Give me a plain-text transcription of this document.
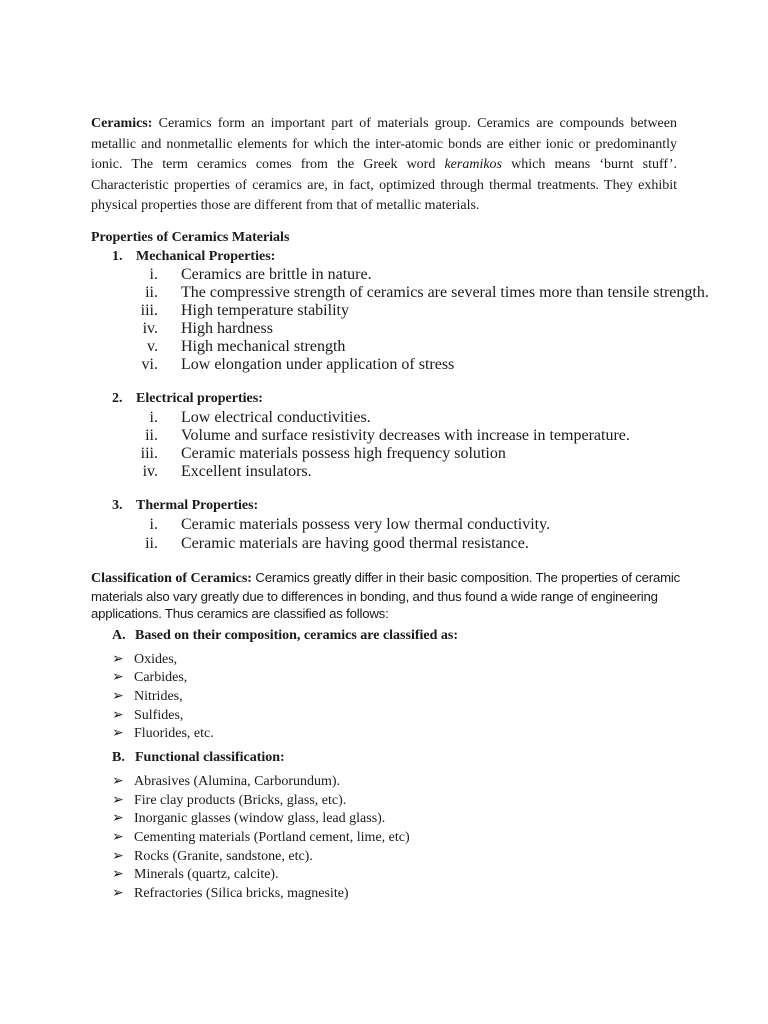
Ceramics: Ceramics form an important part of materials group. Ceramics are compounds between metallic and nonmetallic elements for which the inter-atomic bonds are either ionic or predominantly ionic. The term ceramics comes from the Greek word keramikos which means ‘burnt stuff’. Characteristic properties of ceramics are, in fact, optimized through thermal treatments. They exhibit physical properties those are different from that of metallic materials.

Properties of Ceramics Materials
1. Mechanical Properties:
i. Ceramics are brittle in nature.
ii. The compressive strength of ceramics are several times more than tensile strength.
iii. High temperature stability
iv. High hardness
v. High mechanical strength
vi. Low elongation under application of stress
2. Electrical properties:
i. Low electrical conductivities.
ii. Volume and surface resistivity decreases with increase in temperature.
iii. Ceramic materials possess high frequency solution
iv. Excellent insulators.
3. Thermal Properties:
i. Ceramic materials possess very low thermal conductivity.
ii. Ceramic materials are having good thermal resistance.

Classification of Ceramics: Ceramics greatly differ in their basic composition. The properties of ceramic materials also vary greatly due to differences in bonding, and thus found a wide range of engineering applications. Thus ceramics are classified as follows:

A. Based on their composition, ceramics are classified as:
➢ Oxides,
➢ Carbides,
➢ Nitrides,
➢ Sulfides,
➢ Fluorides, etc.
B. Functional classification:
➢ Abrasives (Alumina, Carborundum).
➢ Fire clay products (Bricks, glass, etc).
➢ Inorganic glasses (window glass, lead glass).
➢ Cementing materials (Portland cement, lime, etc)
➢ Rocks (Granite, sandstone, etc).
➢ Minerals (quartz, calcite).
➢ Refractories (Silica bricks, magnesite)
